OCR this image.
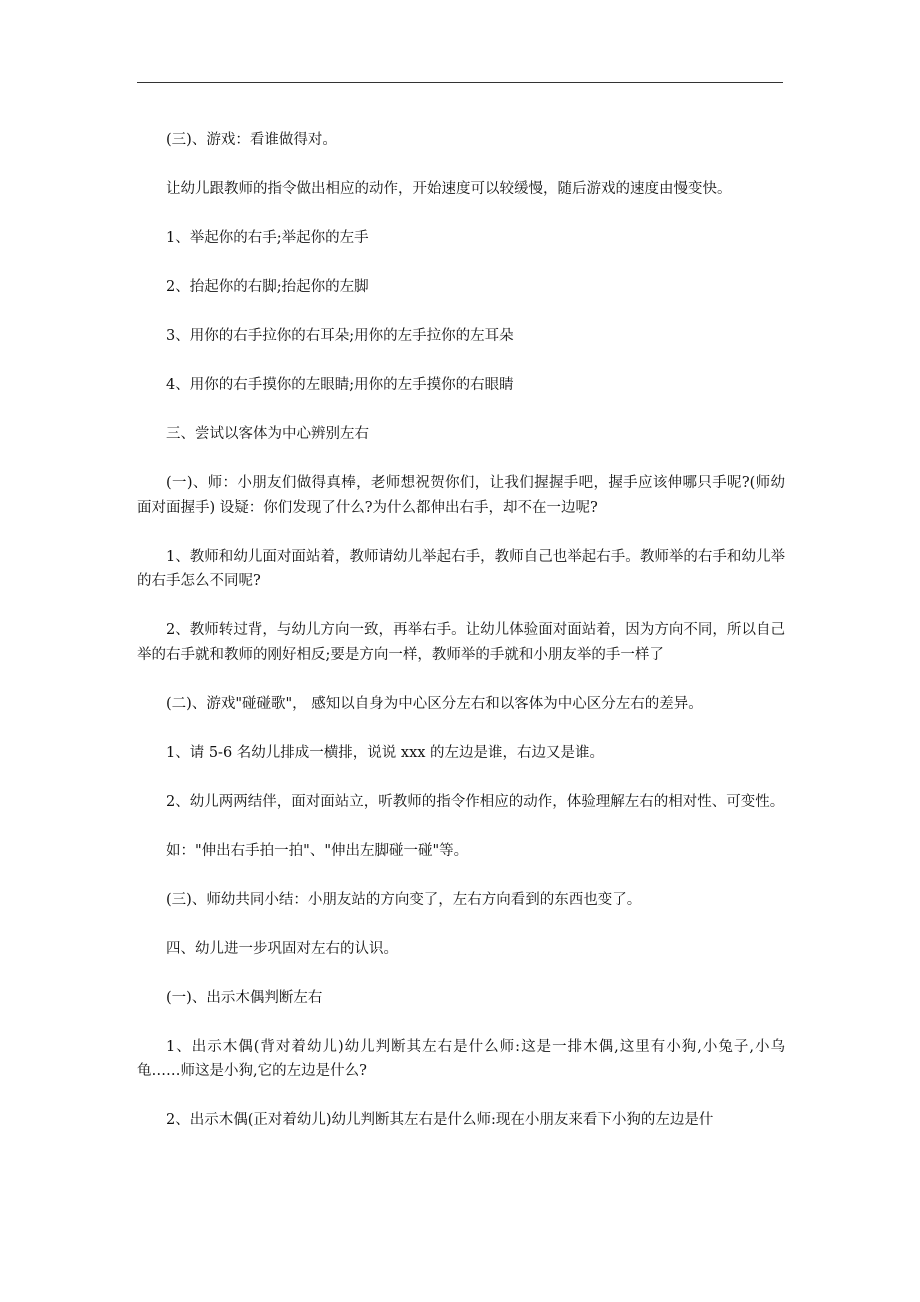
(三)、游戏：看谁做得对。

让幼儿跟教师的指令做出相应的动作，开始速度可以较缓慢，随后游戏的速度由慢变快。

1、举起你的右手;举起你的左手

2、抬起你的右脚;抬起你的左脚

3、用你的右手拉你的右耳朵;用你的左手拉你的左耳朵

4、用你的右手摸你的左眼睛;用你的左手摸你的右眼睛

三、尝试以客体为中心辨别左右

(一)、师：小朋友们做得真棒，老师想祝贺你们，让我们握握手吧，握手应该伸哪只手呢?(师幼面对面握手) 设疑：你们发现了什么?为什么都伸出右手，却不在一边呢?

1、教师和幼儿面对面站着，教师请幼儿举起右手，教师自己也举起右手。教师举的右手和幼儿举的右手怎么不同呢?

2、教师转过背，与幼儿方向一致，再举右手。让幼儿体验面对面站着，因为方向不同，所以自己举的右手就和教师的刚好相反;要是方向一样，教师举的手就和小朋友举的手一样了

(二)、游戏"碰碰歌"， 感知以自身为中心区分左右和以客体为中心区分左右的差异。

1、请 5-6 名幼儿排成一横排，说说 xxx 的左边是谁，右边又是谁。

2、幼儿两两结伴，面对面站立，听教师的指令作相应的动作，体验理解左右的相对性、可变性。

如："伸出右手拍一拍"、"伸出左脚碰一碰"等。

(三)、师幼共同小结：小朋友站的方向变了，左右方向看到的东西也变了。

四、幼儿进一步巩固对左右的认识。

(一)、出示木偶判断左右

1、出示木偶(背对着幼儿)幼儿判断其左右是什么师:这是一排木偶,这里有小狗,小兔子,小乌龟……师这是小狗,它的左边是什么?

2、出示木偶(正对着幼儿)幼儿判断其左右是什么师:现在小朋友来看下小狗的左边是什
